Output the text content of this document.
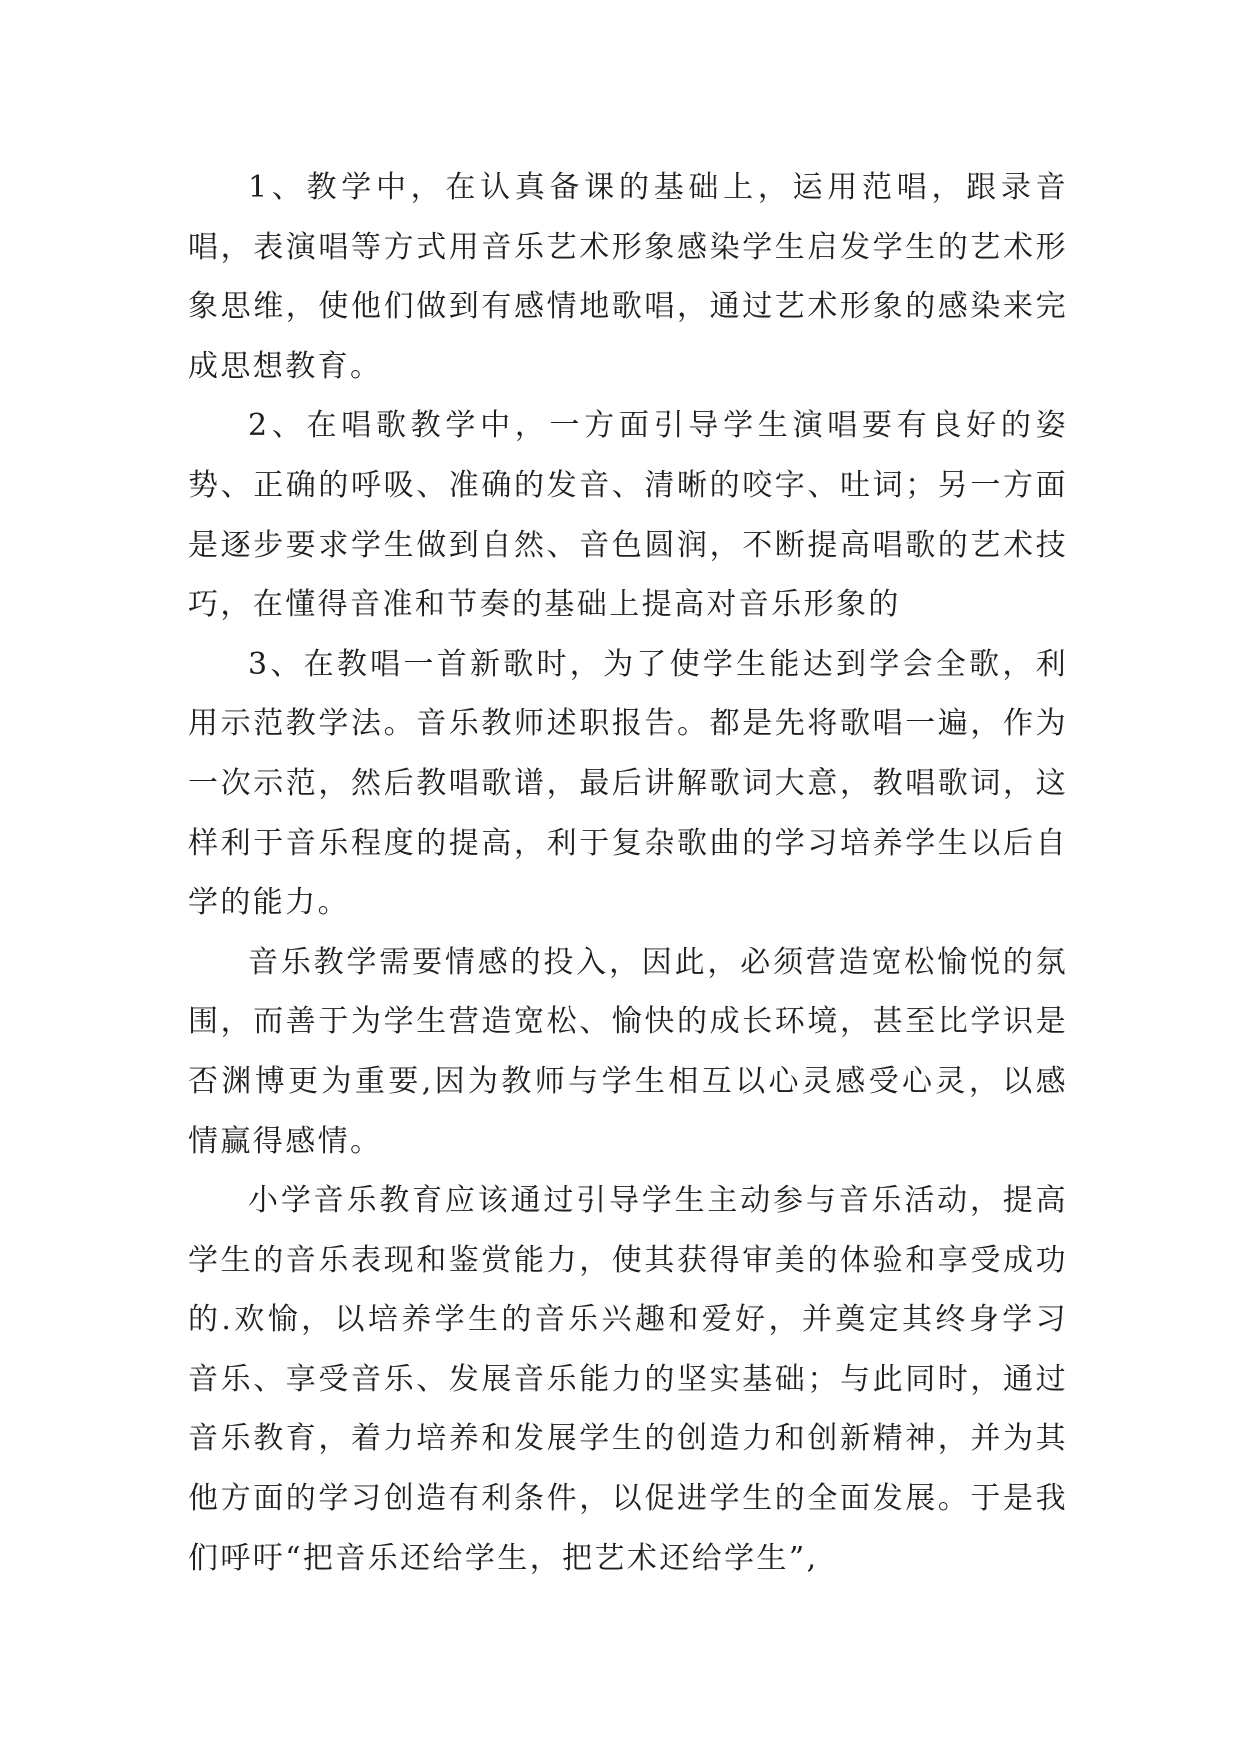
1、教学中，在认真备课的基础上，运用范唱，跟录音唱，表演唱等方式用音乐艺术形象感染学生启发学生的艺术形象思维，使他们做到有感情地歌唱，通过艺术形象的感染来完成思想教育。

2、在唱歌教学中，一方面引导学生演唱要有良好的姿势、正确的呼吸、准确的发音、清晰的咬字、吐词；另一方面是逐步要求学生做到自然、音色圆润，不断提高唱歌的艺术技巧，在懂得音准和节奏的基础上提高对音乐形象的

3、在教唱一首新歌时，为了使学生能达到学会全歌，利用示范教学法。音乐教师述职报告。都是先将歌唱一遍，作为一次示范，然后教唱歌谱，最后讲解歌词大意，教唱歌词，这样利于音乐程度的提高，利于复杂歌曲的学习培养学生以后自学的能力。

音乐教学需要情感的投入，因此，必须营造宽松愉悦的氛围，而善于为学生营造宽松、愉快的成长环境，甚至比学识是否渊博更为重要,因为教师与学生相互以心灵感受心灵，以感情赢得感情。

小学音乐教育应该通过引导学生主动参与音乐活动，提高学生的音乐表现和鉴赏能力，使其获得审美的体验和享受成功的.欢愉，以培养学生的音乐兴趣和爱好，并奠定其终身学习音乐、享受音乐、发展音乐能力的坚实基础；与此同时，通过音乐教育，着力培养和发展学生的创造力和创新精神，并为其他方面的学习创造有利条件，以促进学生的全面发展。于是我们呼吁“把音乐还给学生，把艺术还给学生”,
